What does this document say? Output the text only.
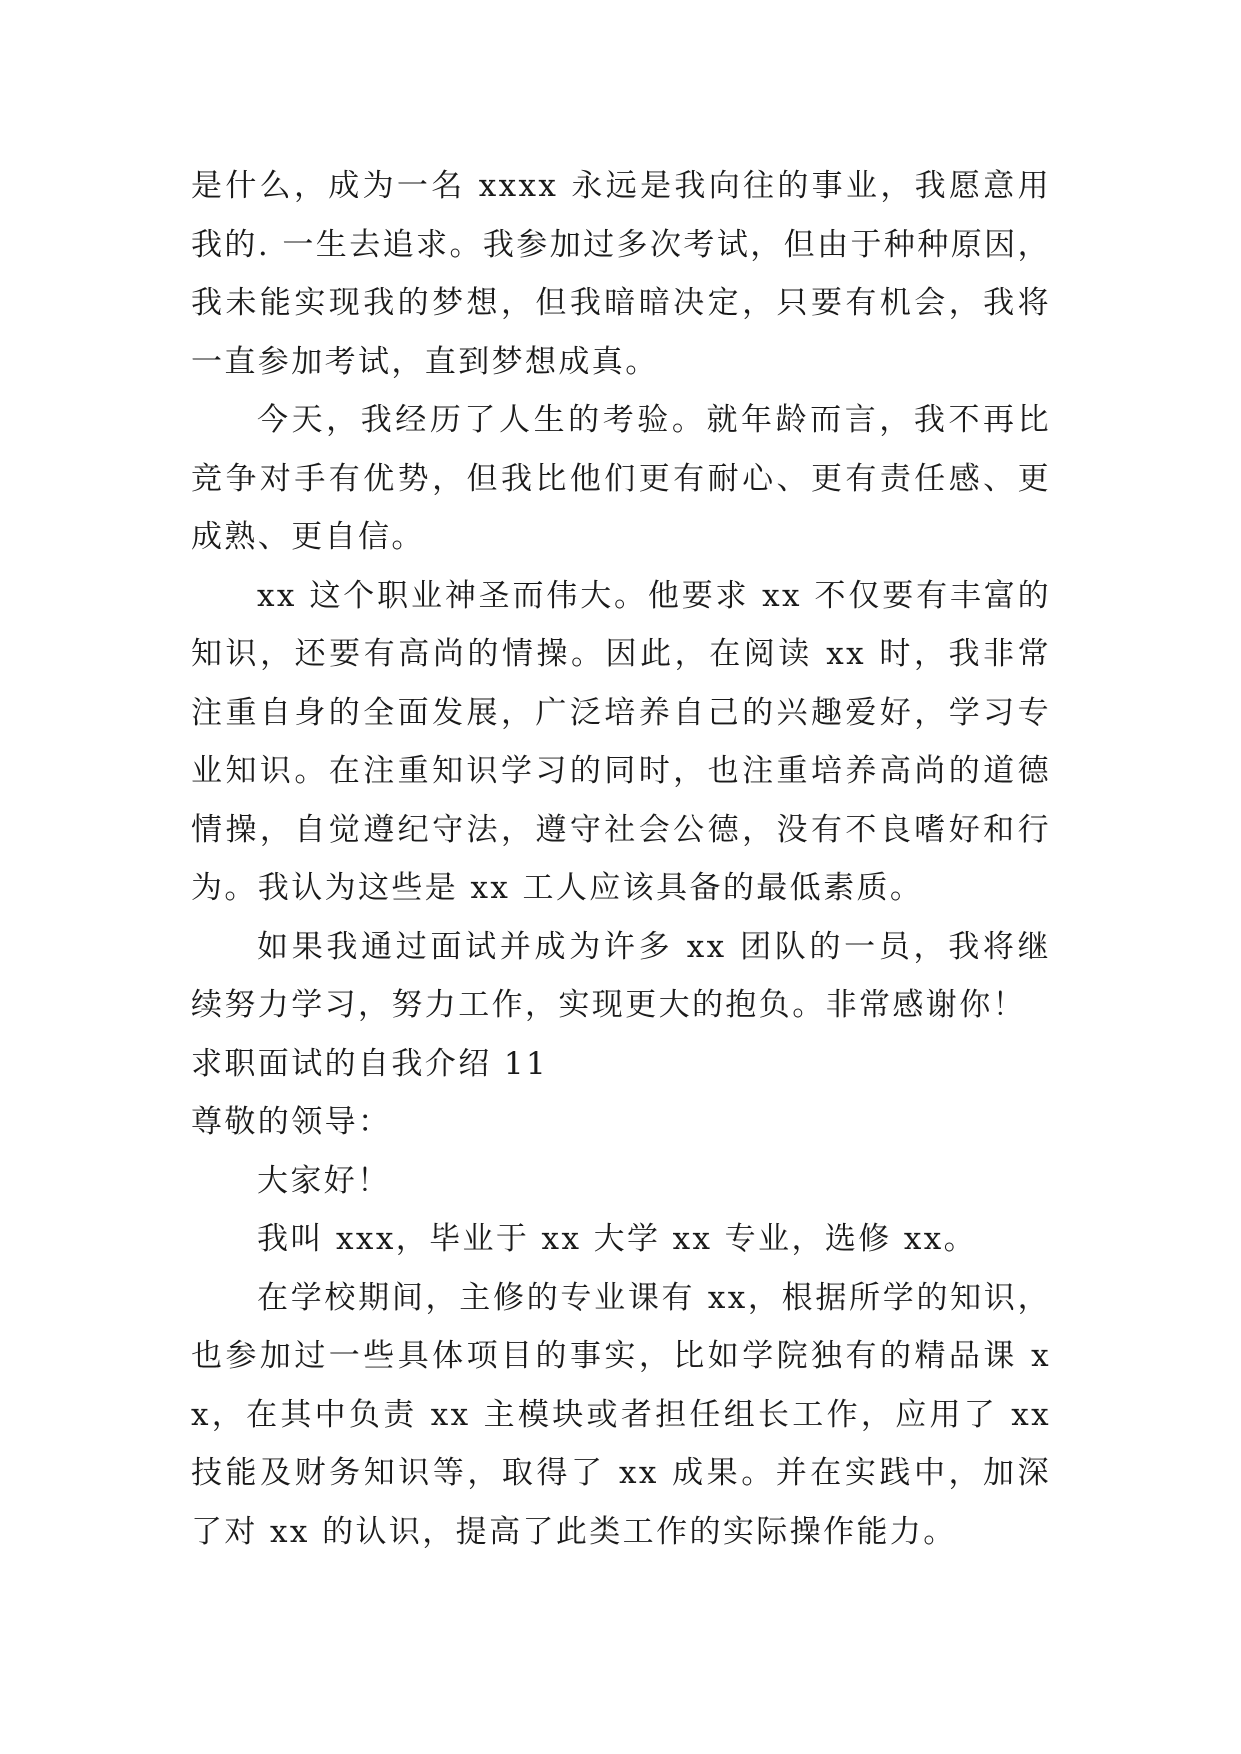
是什么，成为一名 xxxx 永远是我向往的事业，我愿意用我的. 一生去追求。我参加过多次考试，但由于种种原因，我未能实现我的梦想，但我暗暗决定，只要有机会，我将一直参加考试，直到梦想成真。

今天，我经历了人生的考验。就年龄而言，我不再比竞争对手有优势，但我比他们更有耐心、更有责任感、更成熟、更自信。

xx 这个职业神圣而伟大。他要求 xx 不仅要有丰富的知识，还要有高尚的情操。因此，在阅读 xx 时，我非常注重自身的全面发展，广泛培养自己的兴趣爱好，学习专业知识。在注重知识学习的同时，也注重培养高尚的道德情操，自觉遵纪守法，遵守社会公德，没有不良嗜好和行为。我认为这些是 xx 工人应该具备的最低素质。

如果我通过面试并成为许多 xx 团队的一员，我将继续努力学习，努力工作，实现更大的抱负。非常感谢你！

求职面试的自我介绍 11

尊敬的领导：

大家好！

我叫 xxx，毕业于 xx 大学 xx 专业，选修 xx。

在学校期间，主修的专业课有 xx，根据所学的知识，也参加过一些具体项目的事实，比如学院独有的精品课 xx，在其中负责 xx 主模块或者担任组长工作，应用了 xx 技能及财务知识等，取得了 xx 成果。并在实践中，加深了对 xx 的认识，提高了此类工作的实际操作能力。
